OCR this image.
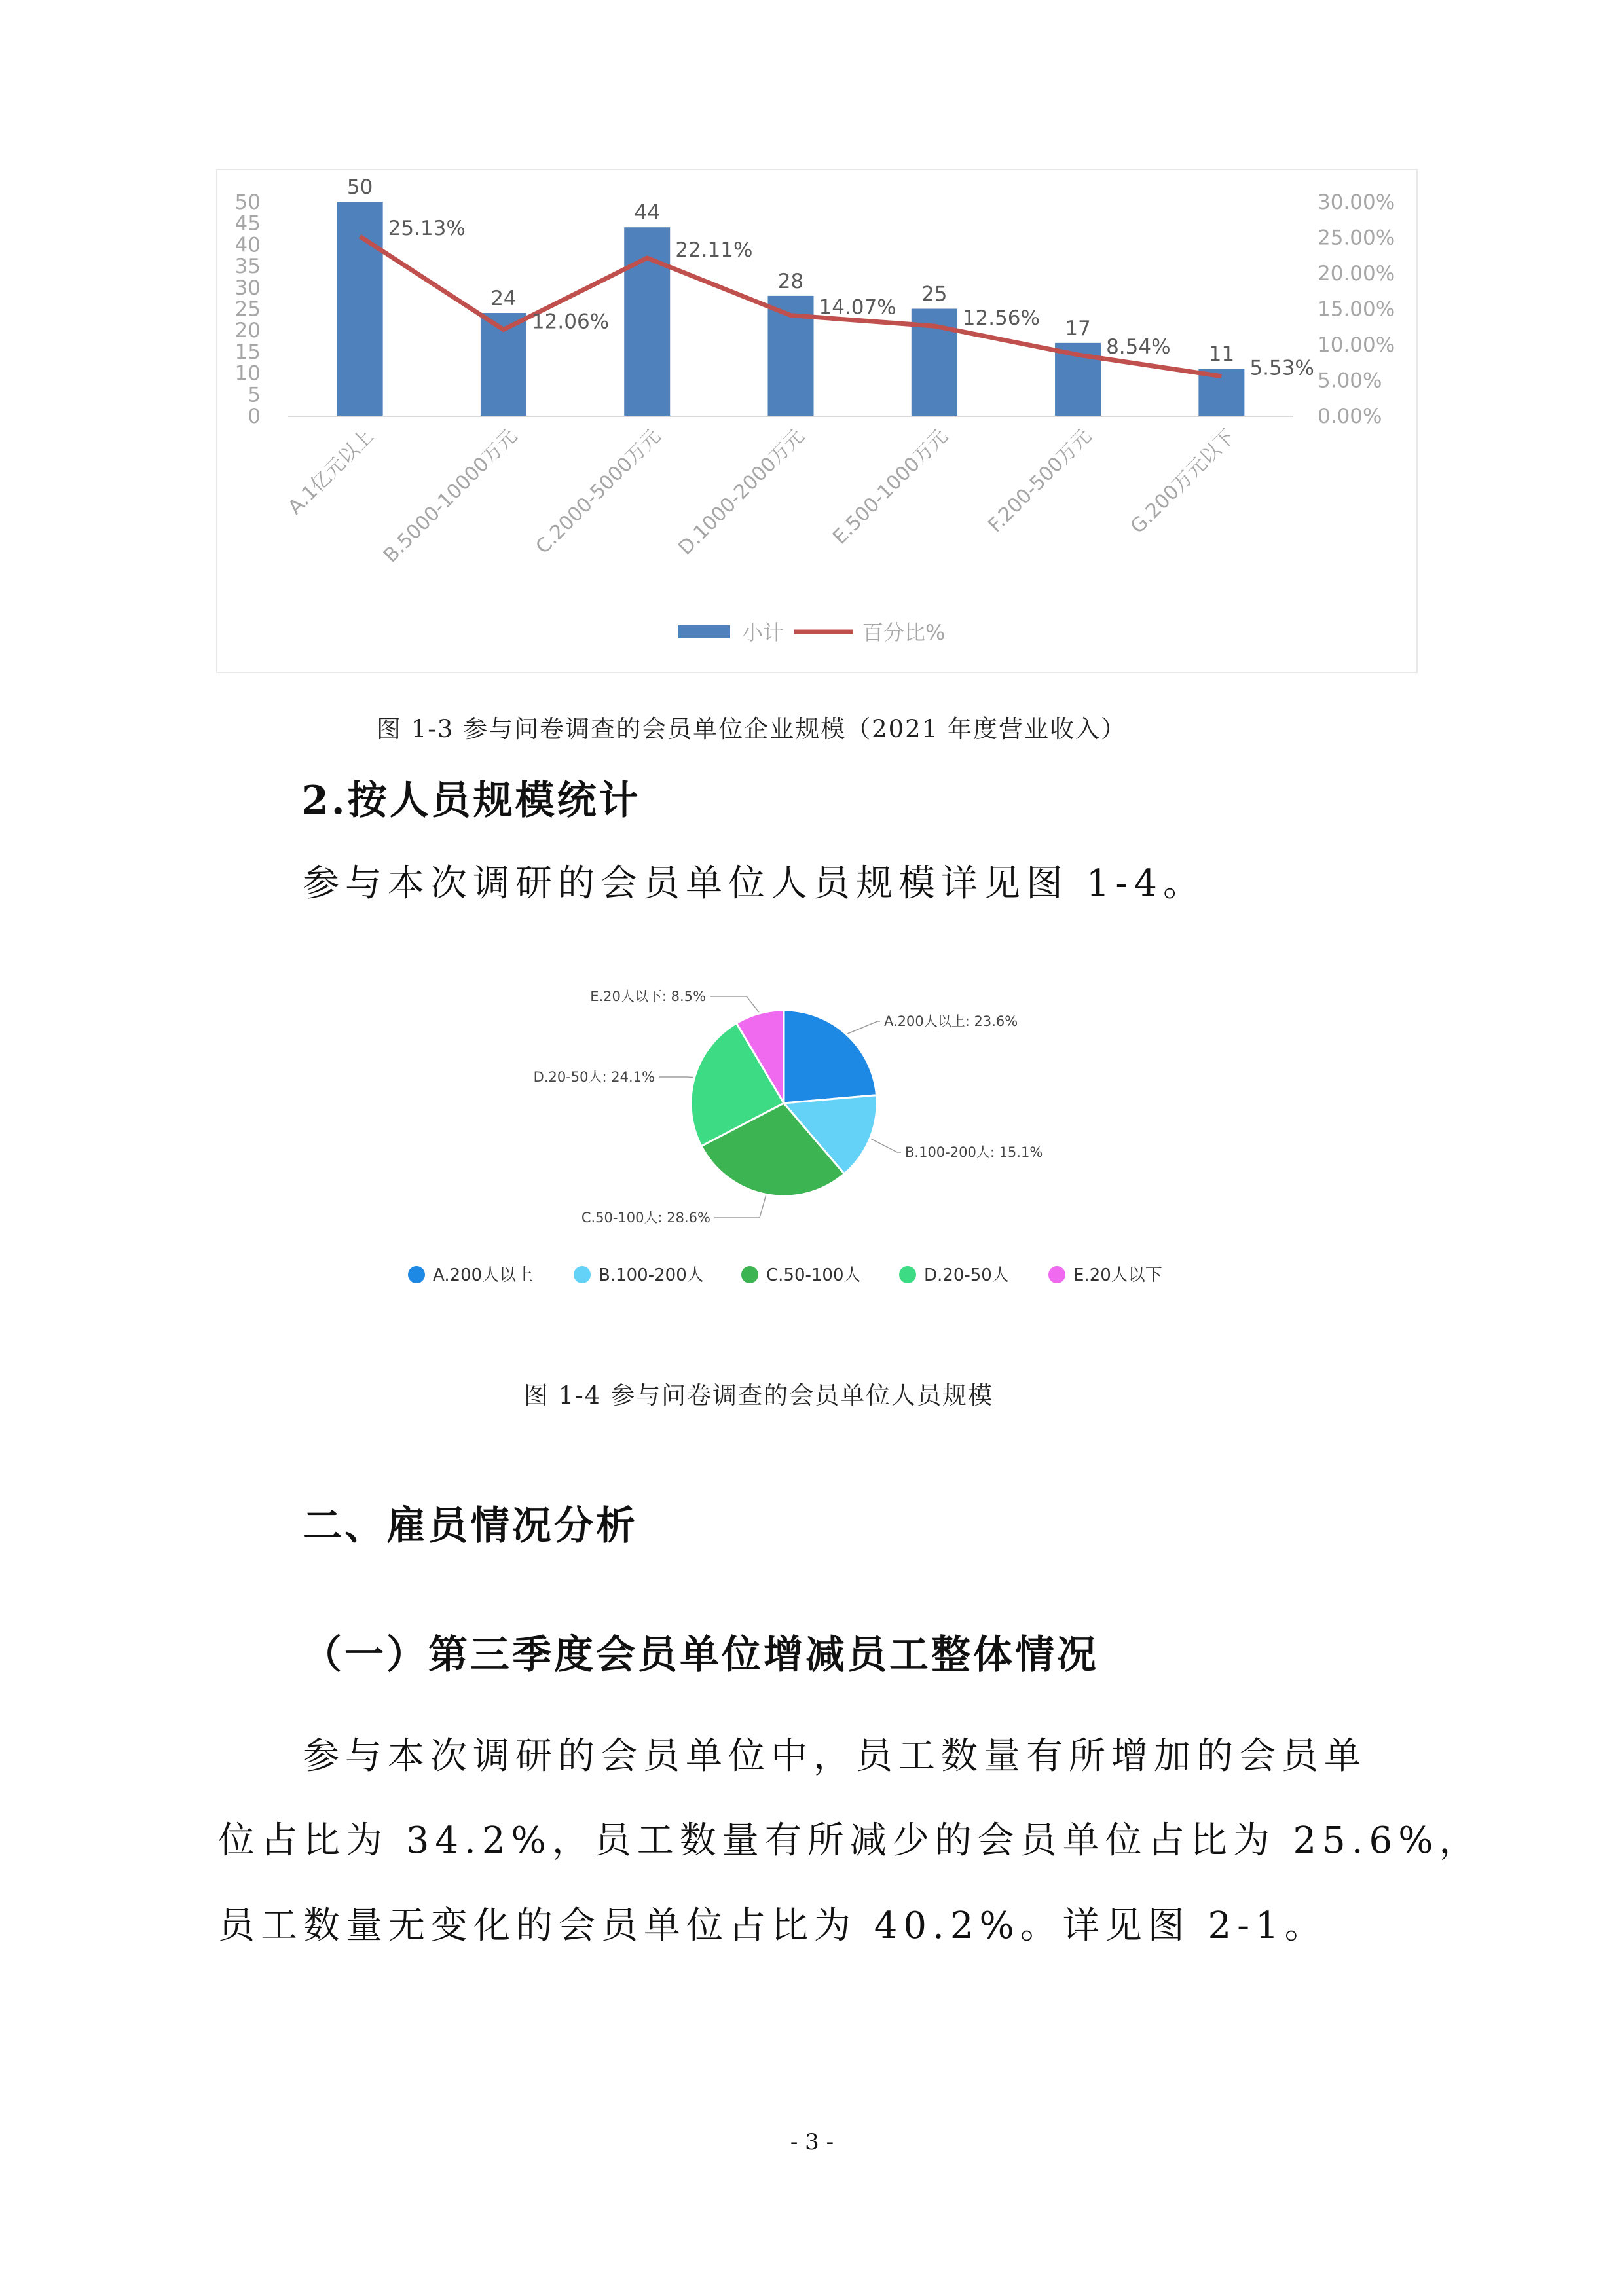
0
5
10
15
20
25
30
35
40
45
50
0.00%
5.00%
10.00%
15.00%
20.00%
25.00%
30.00%
50
24
44
28
25
17
11
25.13%
12.06%
22.11%
14.07%	12.56%
8.54%
5.53%
A.1亿元以上 B.5000-10000万元 C.2000-5000万元 D.1000-2000万元 E.500-1000万元 F.200-500万元 G.200万元以下
小计	百分比%
图 1-3 参与问卷调查的会员单位企业规模（2021 年度营业收入）
2.按人员规模统计
参与本次调研的会员单位人员规模详见图 1-4。
A.200人以上: 23.6%
B.100-200人: 15.1%
C.50-100人: 28.6%
D.20-50人: 24.1%
E.20人以下: 8.5%
A.200人以上	B.100-200人	C.50-100人	D.20-50人	E.20人以下
图 1-4 参与问卷调查的会员单位人员规模
二、雇员情况分析
（一）第三季度会员单位增减员工整体情况
参与本次调研的会员单位中，员工数量有所增加的会员单
位占比为 34.2%，员工数量有所减少的会员单位占比为 25.6%，
员工数量无变化的会员单位占比为 40.2%。详见图 2-1。
- 3 -
